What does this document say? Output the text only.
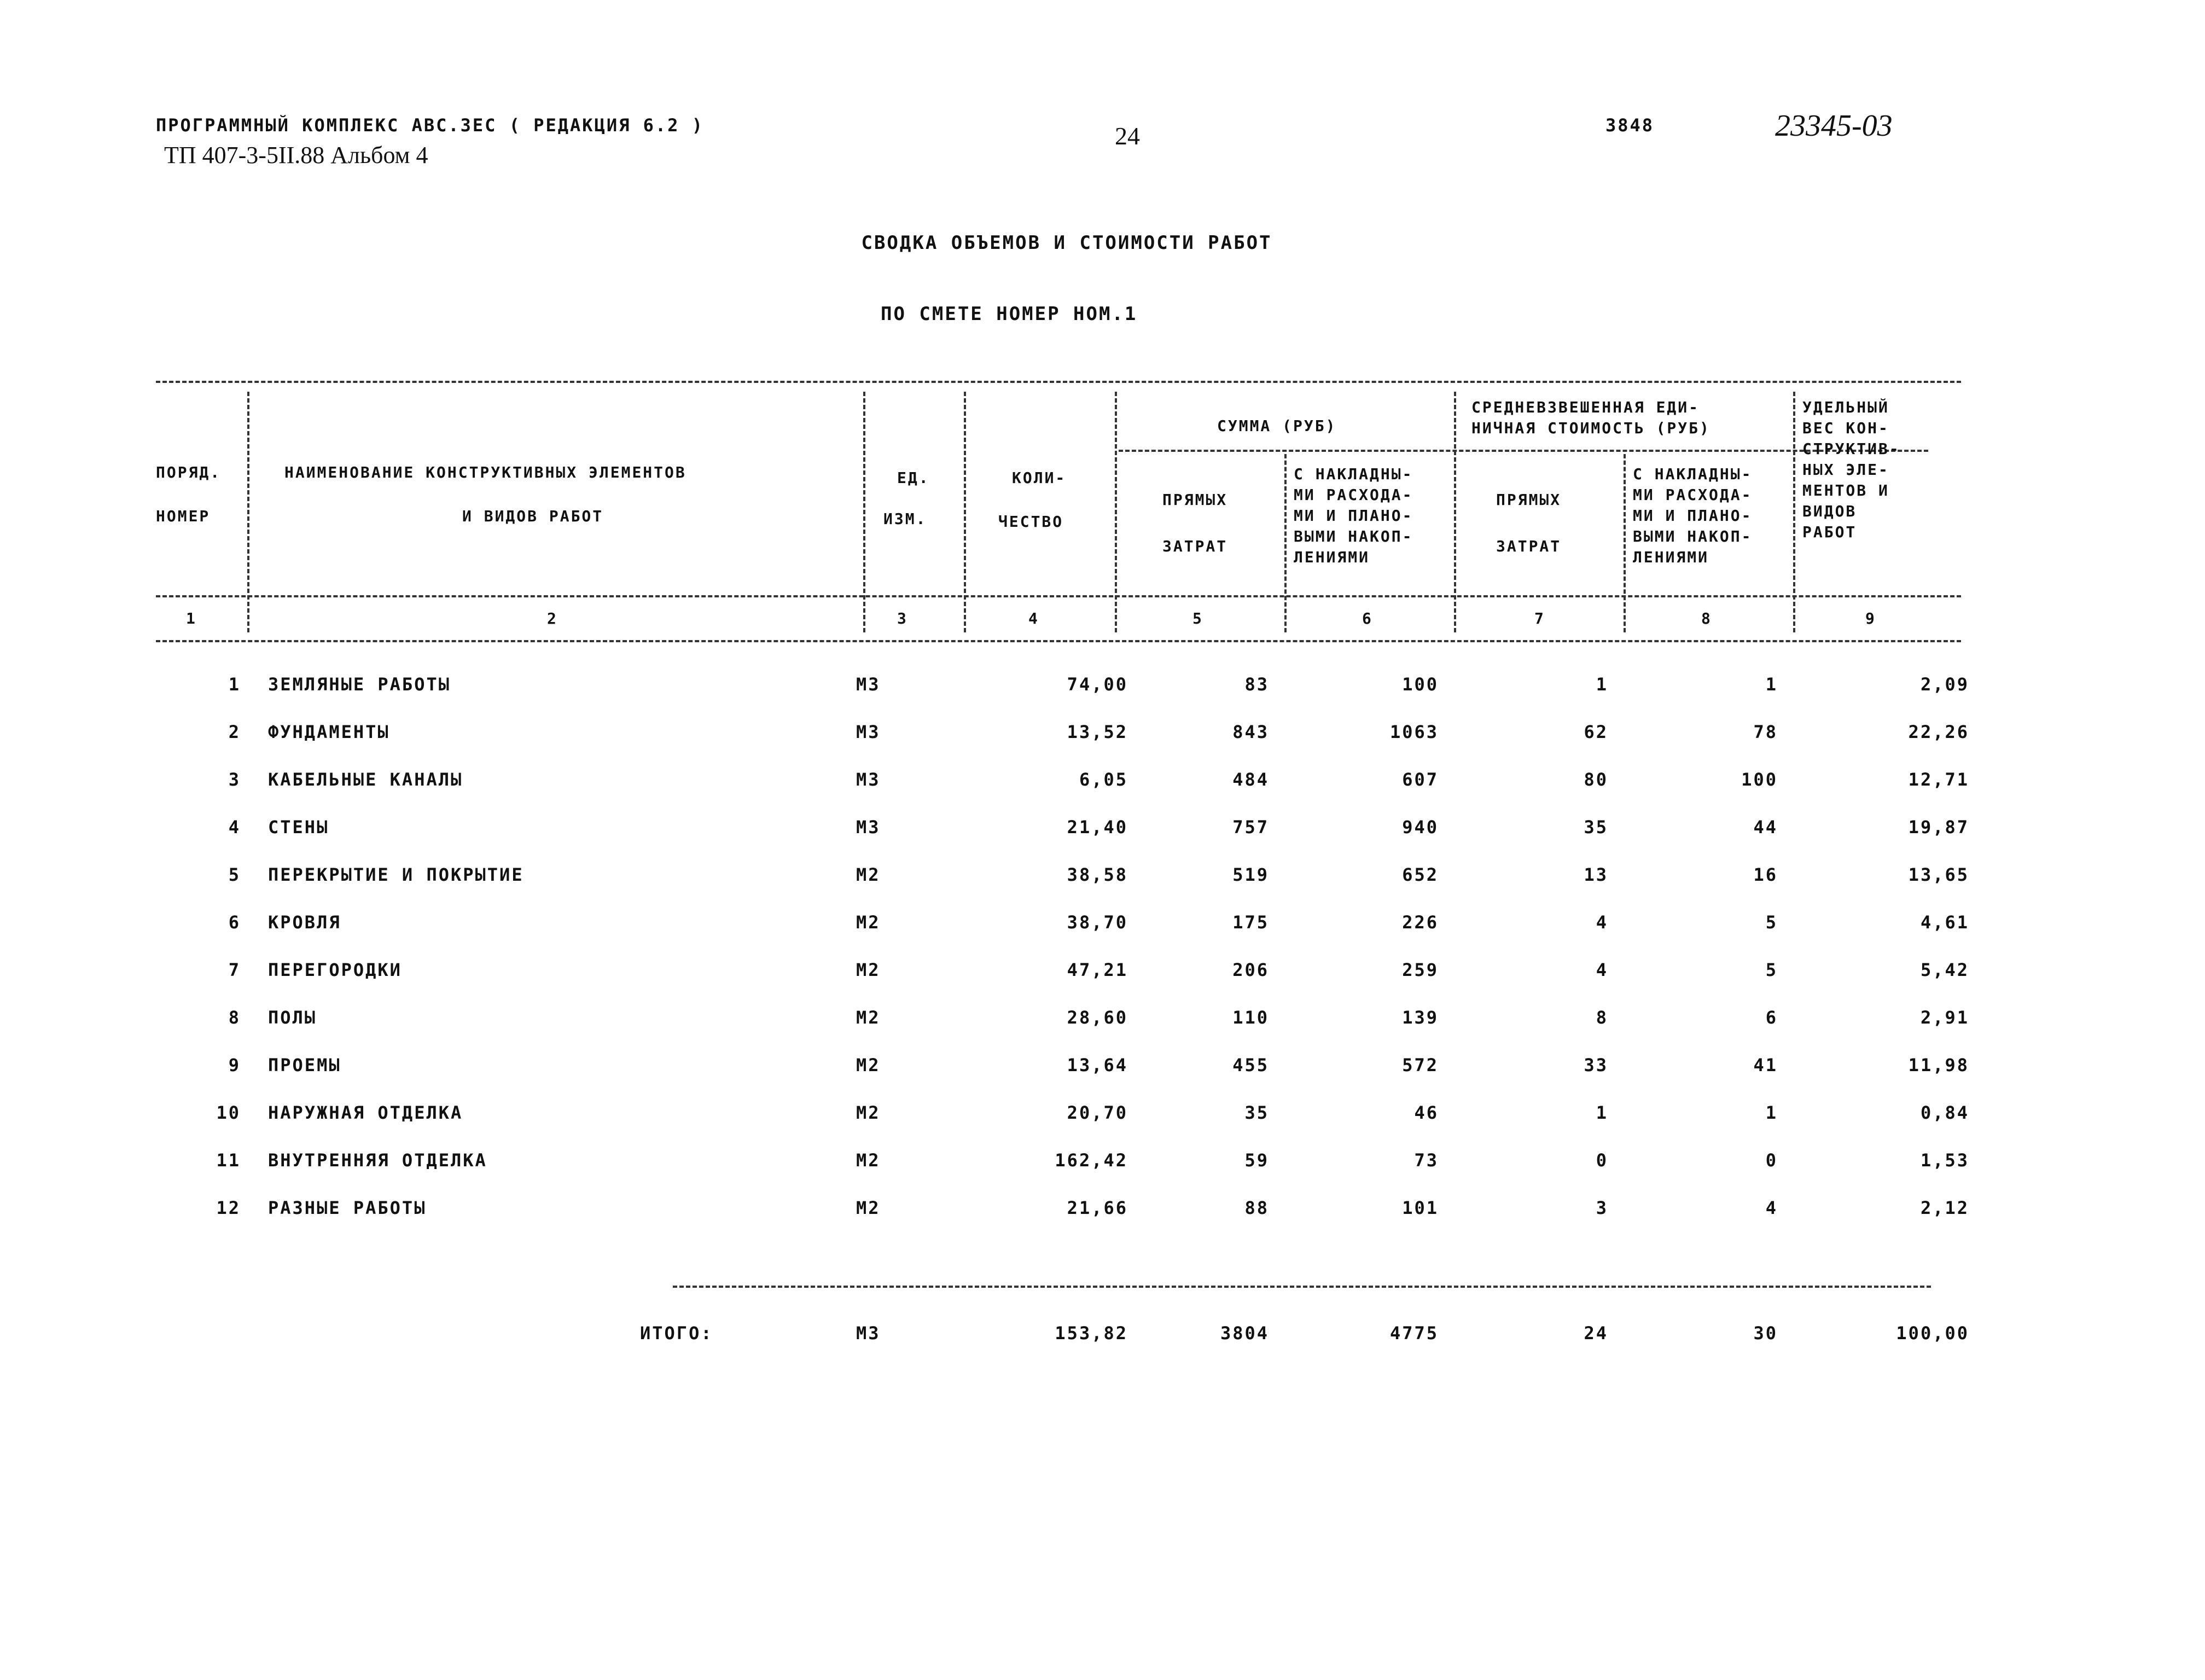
ПРОГРАММНЫЙ КОМПЛЕКС АВС.3ЕС ( РЕДАКЦИЯ 6.2 )
ТП 407-3-5II.88 Альбом 4
24	3848	23345-03
СВОДКА ОБЪЕМОВ И СТОИМОСТИ РАБОТ
ПО СМЕТЕ НОМЕР НОМ.1
ПОРЯД.
НОМЕР
НАИМЕНОВАНИЕ КОНСТРУКТИВНЫХ ЭЛЕМЕНТОВ
И ВИДОВ РАБОТ
ЕД.
ИЗМ.
КОЛИ-
ЧЕСТВО
СУММА (РУБ)
ПРЯМЫХ
ЗАТРАТ
С НАКЛАДНЫ-
МИ РАСХОДА-
МИ И ПЛАНО-
ВЫМИ НАКОП-
ЛЕНИЯМИ
СРЕДНЕВЗВЕШЕННАЯ ЕДИ-
НИЧНАЯ СТОИМОСТЬ (РУБ)
ПРЯМЫХ
ЗАТРАТ
С НАКЛАДНЫ-
МИ РАСХОДА-
МИ И ПЛАНО-
ВЫМИ НАКОП-
ЛЕНИЯМИ
УДЕЛЬНЫЙ
ВЕС КОН-
СТРУКТИВ-
НЫХ ЭЛЕ-
МЕНТОВ И
ВИДОВ
РАБОТ
1	2	3	4	5	6	7	8	9
1 ЗЕМЛЯНЫЕ РАБОТЫ	М3	74,00	83	100	1	1	2,09
2 ФУНДАМЕНТЫ	М3	13,52	843	1063	62	78	22,26
3 КАБЕЛЬНЫЕ КАНАЛЫ	М3	6,05	484	607	80	100	12,71
4 СТЕНЫ	М3	21,40	757	940	35	44	19,87
5 ПЕРЕКРЫТИЕ И ПОКРЫТИЕ	М2	38,58	519	652	13	16	13,65
6 КРОВЛЯ	М2	38,70	175	226	4	5	4,61
7 ПЕРЕГОРОДКИ	М2	47,21	206	259	4	5	5,42
8 ПОЛЫ	М2	28,60	110	139	8	6	2,91
9 ПРОЕМЫ	М2	13,64	455	572	33	41	11,98
10 НАРУЖНАЯ ОТДЕЛКА	М2	20,70	35	46	1	1	0,84
11 ВНУТРЕННЯЯ ОТДЕЛКА	М2	162,42	59	73	0	0	1,53
12 РАЗНЫЕ РАБОТЫ	М2	21,66	88	101	3	4	2,12
ИТОГО:	М3	153,82	3804	4775	24	30	100,00
